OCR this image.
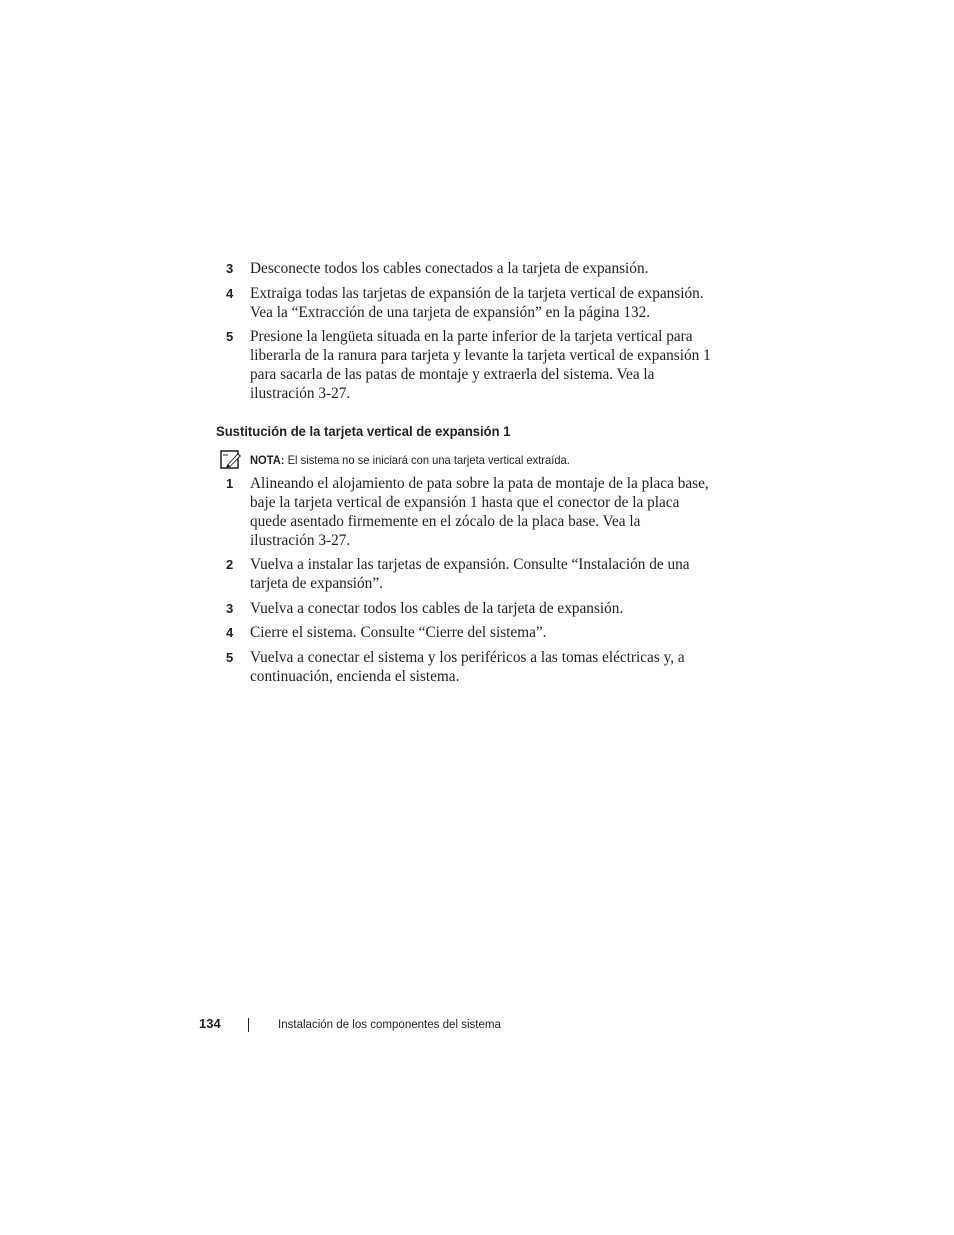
3 Desconecte todos los cables conectados a la tarjeta de expansión.
4 Extraiga todas las tarjetas de expansión de la tarjeta vertical de expansión.
Vea la “Extracción de una tarjeta de expansión” en la página 132.
5 Presione la lengüeta situada en la parte inferior de la tarjeta vertical para
liberarla de la ranura para tarjeta y levante la tarjeta vertical de expansión 1
para sacarla de las patas de montaje y extraerla del sistema. Vea la
ilustración 3-27.
Sustitución de la tarjeta vertical de expansión 1
NOTA: El sistema no se iniciará con una tarjeta vertical extraída.
1 Alineando el alojamiento de pata sobre la pata de montaje de la placa base,
baje la tarjeta vertical de expansión 1 hasta que el conector de la placa
quede asentado firmemente en el zócalo de la placa base. Vea la
ilustración 3-27.
2 Vuelva a instalar las tarjetas de expansión. Consulte “Instalación de una
tarjeta de expansión”.
3 Vuelva a conectar todos los cables de la tarjeta de expansión.
4 Cierre el sistema. Consulte “Cierre del sistema”.
5 Vuelva a conectar el sistema y los periféricos a las tomas eléctricas y, a
continuación, encienda el sistema.
134	Instalación de los componentes del sistema
